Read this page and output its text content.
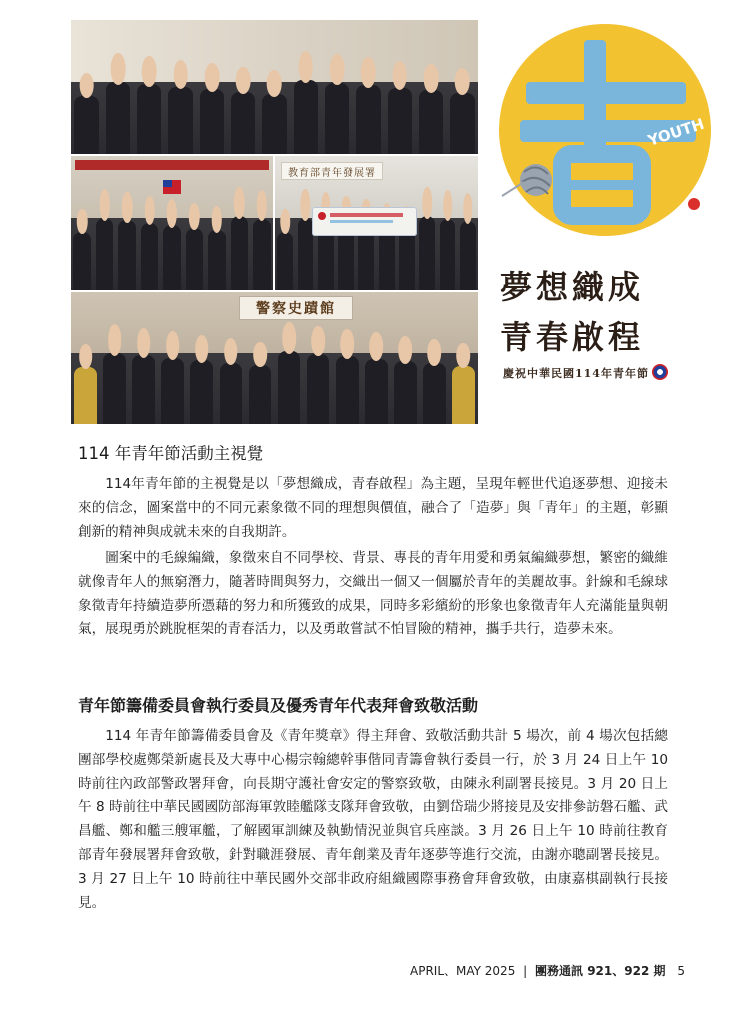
教育部青年發展署
警察史蹟館
YOUTH
夢想織成
青春啟程
慶祝中華民國114年青年節
114 年青年節活動主視覺

114年青年節的主視覺是以「夢想織成，青春啟程」為主題，呈現年輕世代追逐夢想、迎接未來的信念，圖案當中的不同元素象徵不同的理想與價值，融合了「造夢」與「青年」的主題，彰顯創新的精神與成就未來的自我期許。

圖案中的毛線編織，象徵來自不同學校、背景、專長的青年用愛和勇氣編織夢想，繁密的織維就像青年人的無窮潛力，隨著時間與努力，交織出一個又一個屬於青年的美麗故事。針線和毛線球象徵青年持續造夢所憑藉的努力和所獲致的成果，同時多彩繽紛的形象也象徵青年人充滿能量與朝氣，展現勇於跳脫框架的青春活力，以及勇敢嘗試不怕冒險的精神，攜手共行，造夢未來。

青年節籌備委員會執行委員及優秀青年代表拜會致敬活動

114 年青年節籌備委員會及《青年獎章》得主拜會、致敬活動共計 5 場次，前 4 場次包括總團部學校處鄭榮新處長及大專中心楊宗翰總幹事偕同青籌會執行委員一行，於 3 月 24 日上午 10 時前往內政部警政署拜會，向長期守護社會安定的警察致敬，由陳永利副署長接見。3 月 20 日上午 8 時前往中華民國國防部海軍敦睦艦隊支隊拜會致敬，由劉岱瑞少將接見及安排參訪磐石艦、武昌艦、鄭和艦三艘軍艦，了解國軍訓練及執勤情況並與官兵座談。3 月 26 日上午 10 時前往教育部青年發展署拜會致敬，針對職涯發展、青年創業及青年逐夢等進行交流，由謝亦聰副署長接見。3 月 27 日上午 10 時前往中華民國外交部非政府組織國際事務會拜會致敬，由康嘉棋副執行長接見。

APRIL、MAY 2025 | 團務通訊 921、922 期 5
